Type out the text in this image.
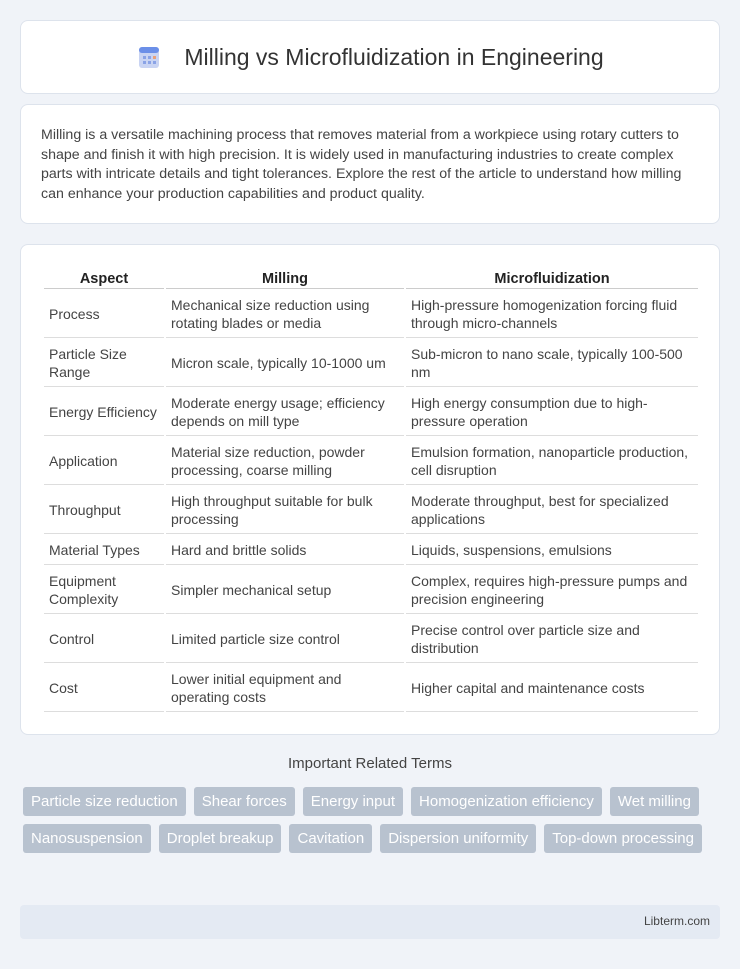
Milling vs Microfluidization in Engineering

Milling is a versatile machining process that removes material from a workpiece using rotary cutters to shape and finish it with high precision. It is widely used in manufacturing industries to create complex parts with intricate details and tight tolerances. Explore the rest of the article to understand how milling can enhance your production capabilities and product quality.

Aspect	Milling	Microfluidization
Process	Mechanical size reduction using rotating blades or media	High-pressure homogenization forcing fluid through micro-channels
Particle Size Range	Micron scale, typically 10-1000 um	Sub-micron to nano scale, typically 100-500 nm
Energy Efficiency	Moderate energy usage; efficiency depends on mill type	High energy consumption due to high-pressure operation
Application	Material size reduction, powder processing, coarse milling	Emulsion formation, nanoparticle production, cell disruption
Throughput	High throughput suitable for bulk processing	Moderate throughput, best for specialized applications
Material Types	Hard and brittle solids	Liquids, suspensions, emulsions
Equipment Complexity	Simpler mechanical setup	Complex, requires high-pressure pumps and precision engineering
Control	Limited particle size control	Precise control over particle size and distribution
Cost	Lower initial equipment and operating costs	Higher capital and maintenance costs
Important Related Terms
Particle size reduction	Shear forces	Energy input	Homogenization efficiency	Wet milling
Nanosuspension	Droplet breakup	Cavitation	Dispersion uniformity	Top-down processing
Libterm.com
